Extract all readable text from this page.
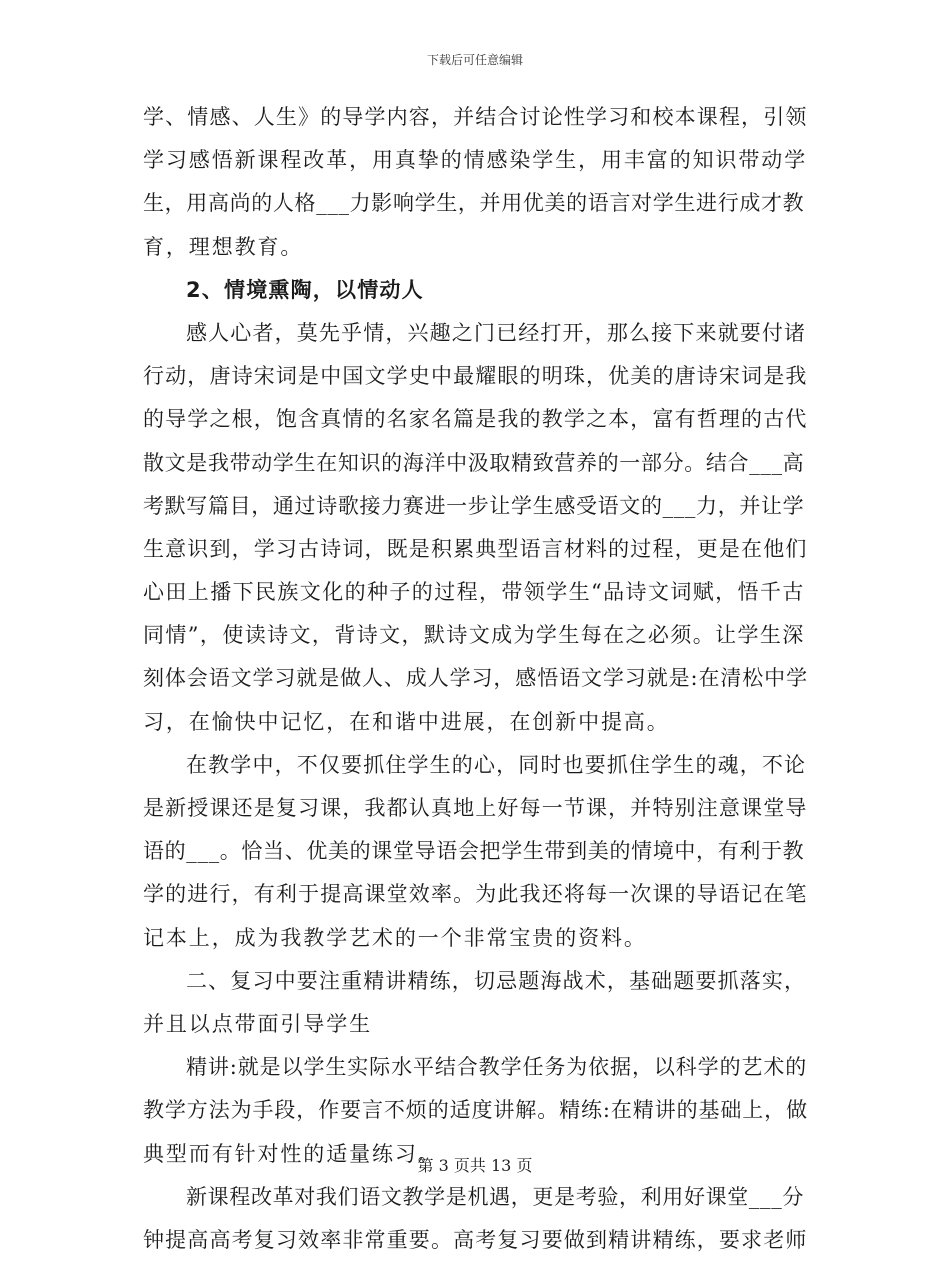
下载后可任意编辑
学、情感、人生》的导学内容，并结合讨论性学习和校本课程，引领
学习感悟新课程改革，用真挚的情感染学生，用丰富的知识带动学
生，用高尚的人格___力影响学生，并用优美的语言对学生进行成才教
育，理想教育。
2、情境熏陶，以情动人
感人心者，莫先乎情，兴趣之门已经打开，那么接下来就要付诸
行动，唐诗宋词是中国文学史中最耀眼的明珠，优美的唐诗宋词是我
的导学之根，饱含真情的名家名篇是我的教学之本，富有哲理的古代
散文是我带动学生在知识的海洋中汲取精致营养的一部分。结合___高
考默写篇目，通过诗歌接力赛进一步让学生感受语文的___力，并让学
生意识到，学习古诗词，既是积累典型语言材料的过程，更是在他们
心田上播下民族文化的种子的过程，带领学生“品诗文词赋，悟千古
同情”，使读诗文，背诗文，默诗文成为学生每在之必须。让学生深
刻体会语文学习就是做人、成人学习，感悟语文学习就是:在清松中学
习，在愉快中记忆，在和谐中进展，在创新中提高。
在教学中，不仅要抓住学生的心，同时也要抓住学生的魂，不论
是新授课还是复习课，我都认真地上好每一节课，并特别注意课堂导
语的___。恰当、优美的课堂导语会把学生带到美的情境中，有利于教
学的进行，有利于提高课堂效率。为此我还将每一次课的导语记在笔
记本上，成为我教学艺术的一个非常宝贵的资料。
二、复习中要注重精讲精练，切忌题海战术，基础题要抓落实，
并且以点带面引导学生
精讲:就是以学生实际水平结合教学任务为依据，以科学的艺术的
教学方法为手段，作要言不烦的适度讲解。精练:在精讲的基础上，做
典型而有针对性的适量练习。
新课程改革对我们语文教学是机遇，更是考验，利用好课堂___分
钟提高高考复习效率非常重要。高考复习要做到精讲精练，要求老师
第 3 页共 13 页
